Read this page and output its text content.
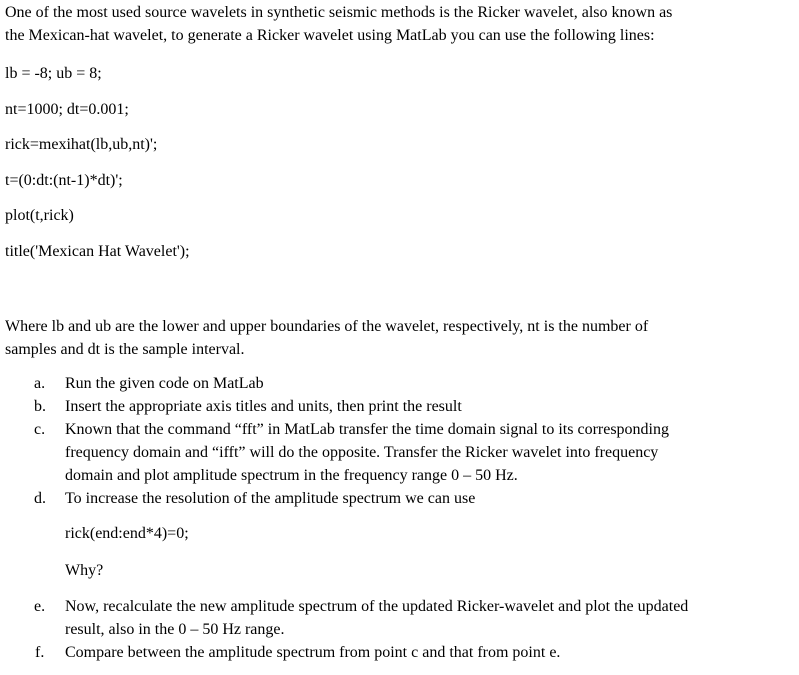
One of the most used source wavelets in synthetic seismic methods is the Ricker wavelet, also known as
the Mexican-hat wavelet, to generate a Ricker wavelet using MatLab you can use the following lines:
lb = -8; ub = 8;
nt=1000; dt=0.001;
rick=mexihat(lb,ub,nt)';
t=(0:dt:(nt-1)*dt)';
plot(t,rick)
title('Mexican Hat Wavelet');
Where lb and ub are the lower and upper boundaries of the wavelet, respectively, nt is the number of
samples and dt is the sample interval.
a. Run the given code on MatLab
b. Insert the appropriate axis titles and units, then print the result
c. Known that the command “fft” in MatLab transfer the time domain signal to its corresponding
frequency domain and “ifft” will do the opposite. Transfer the Ricker wavelet into frequency
domain and plot amplitude spectrum in the frequency range 0 – 50 Hz.
d. To increase the resolution of the amplitude spectrum we can use
rick(end:end*4)=0;
Why?
e. Now, recalculate the new amplitude spectrum of the updated Ricker-wavelet and plot the updated
result, also in the 0 – 50 Hz range.
f. Compare between the amplitude spectrum from point c and that from point e.
